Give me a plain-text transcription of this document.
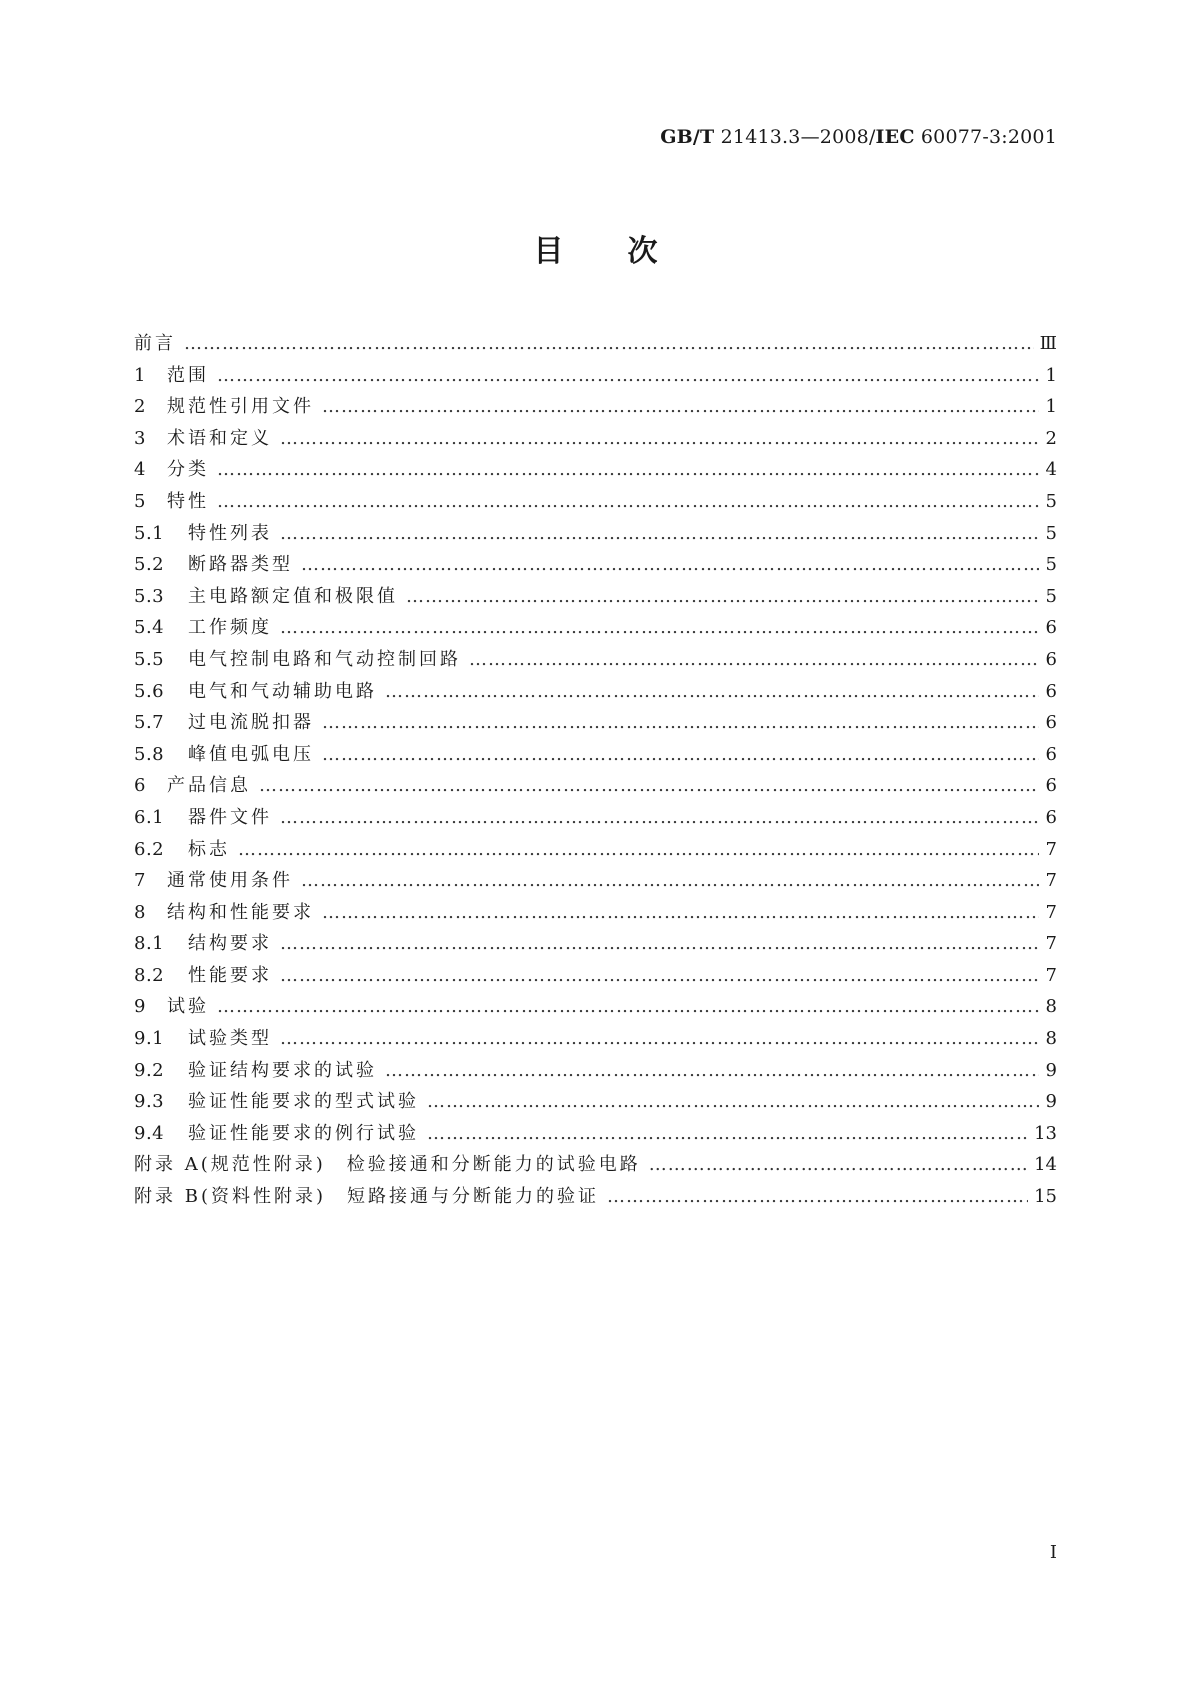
GB/T 21413.3—2008/IEC 60077-3:2001
目次
前言 …………………………………………………………………………………………………………………………………………………………………………………………………………	Ⅲ
1	范围 …………………………………………………………………………………………………………………………………………………………………………………………………………	1
2	规范性引用文件 …………………………………………………………………………………………………………………………………………………………………………………………………………	1
3	术语和定义 …………………………………………………………………………………………………………………………………………………………………………………………………………	2
4	分类 …………………………………………………………………………………………………………………………………………………………………………………………………………	4
5	特性 …………………………………………………………………………………………………………………………………………………………………………………………………………	5
5.1	特性列表 …………………………………………………………………………………………………………………………………………………………………………………………………………	5
5.2	断路器类型 …………………………………………………………………………………………………………………………………………………………………………………………………………	5
5.3	主电路额定值和极限值 …………………………………………………………………………………………………………………………………………………………………………………………………………	5
5.4	工作频度 …………………………………………………………………………………………………………………………………………………………………………………………………………	6
5.5	电气控制电路和气动控制回路 …………………………………………………………………………………………………………………………………………………………………………………………………………	6
5.6	电气和气动辅助电路 …………………………………………………………………………………………………………………………………………………………………………………………………………	6
5.7	过电流脱扣器 …………………………………………………………………………………………………………………………………………………………………………………………………………	6
5.8	峰值电弧电压 …………………………………………………………………………………………………………………………………………………………………………………………………………	6
6	产品信息 …………………………………………………………………………………………………………………………………………………………………………………………………………	6
6.1	器件文件 …………………………………………………………………………………………………………………………………………………………………………………………………………	6
6.2	标志 …………………………………………………………………………………………………………………………………………………………………………………………………………	7
7	通常使用条件 …………………………………………………………………………………………………………………………………………………………………………………………………………	7
8	结构和性能要求 …………………………………………………………………………………………………………………………………………………………………………………………………………	7
8.1	结构要求 …………………………………………………………………………………………………………………………………………………………………………………………………………	7
8.2	性能要求 …………………………………………………………………………………………………………………………………………………………………………………………………………	7
9	试验 …………………………………………………………………………………………………………………………………………………………………………………………………………	8
9.1	试验类型 …………………………………………………………………………………………………………………………………………………………………………………………………………	8
9.2	验证结构要求的试验 …………………………………………………………………………………………………………………………………………………………………………………………………………	9
9.3	验证性能要求的型式试验 …………………………………………………………………………………………………………………………………………………………………………………………………………	9
9.4	验证性能要求的例行试验 …………………………………………………………………………………………………………………………………………………………………………………………………………	13
附录 A(规范性附录)　检验接通和分断能力的试验电路 …………………………………………………………………………………………………………………………………………………………………………………………………………	14
附录 B(资料性附录)　短路接通与分断能力的验证 …………………………………………………………………………………………………………………………………………………………………………………………………………	15
I
